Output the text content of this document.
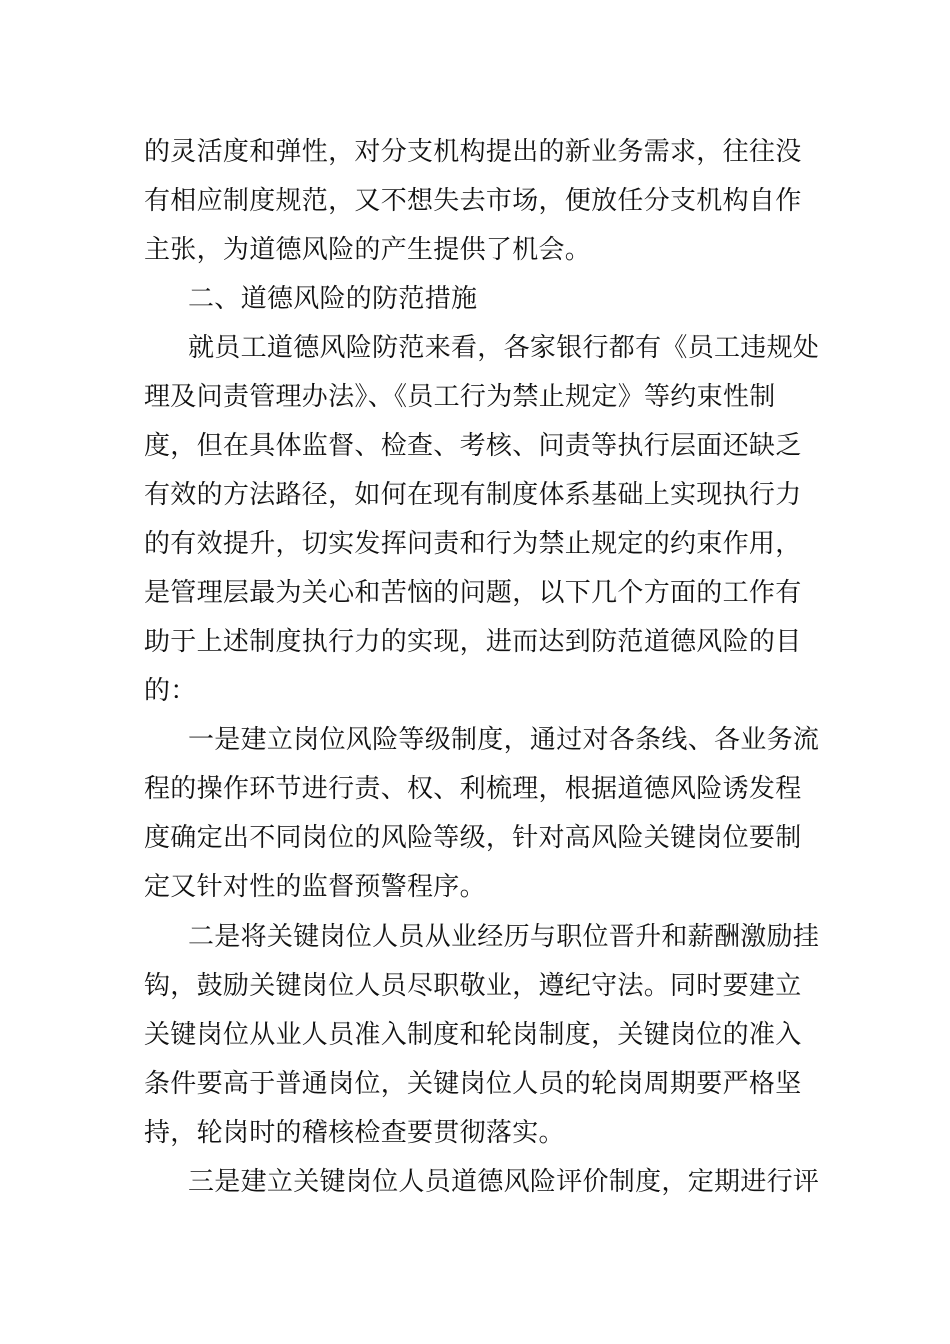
的灵活度和弹性，对分支机构提出的新业务需求，往往没
有相应制度规范，又不想失去市场，便放任分支机构自作
主张，为道德风险的产生提供了机会。
二、道德风险的防范措施
就员工道德风险防范来看，各家银行都有《员工违规处
理及问责管理办法》、《员工行为禁止规定》等约束性制
度，但在具体监督、检查、考核、问责等执行层面还缺乏
有效的方法路径，如何在现有制度体系基础上实现执行力
的有效提升，切实发挥问责和行为禁止规定的约束作用，
是管理层最为关心和苦恼的问题，以下几个方面的工作有
助于上述制度执行力的实现，进而达到防范道德风险的目
的：
一是建立岗位风险等级制度，通过对各条线、各业务流
程的操作环节进行责、权、利梳理，根据道德风险诱发程
度确定出不同岗位的风险等级，针对高风险关键岗位要制
定又针对性的监督预警程序。
二是将关键岗位人员从业经历与职位晋升和薪酬激励挂
钩，鼓励关键岗位人员尽职敬业，遵纪守法。同时要建立
关键岗位从业人员准入制度和轮岗制度，关键岗位的准入
条件要高于普通岗位，关键岗位人员的轮岗周期要严格坚
持，轮岗时的稽核检查要贯彻落实。
三是建立关键岗位人员道德风险评价制度，定期进行评
